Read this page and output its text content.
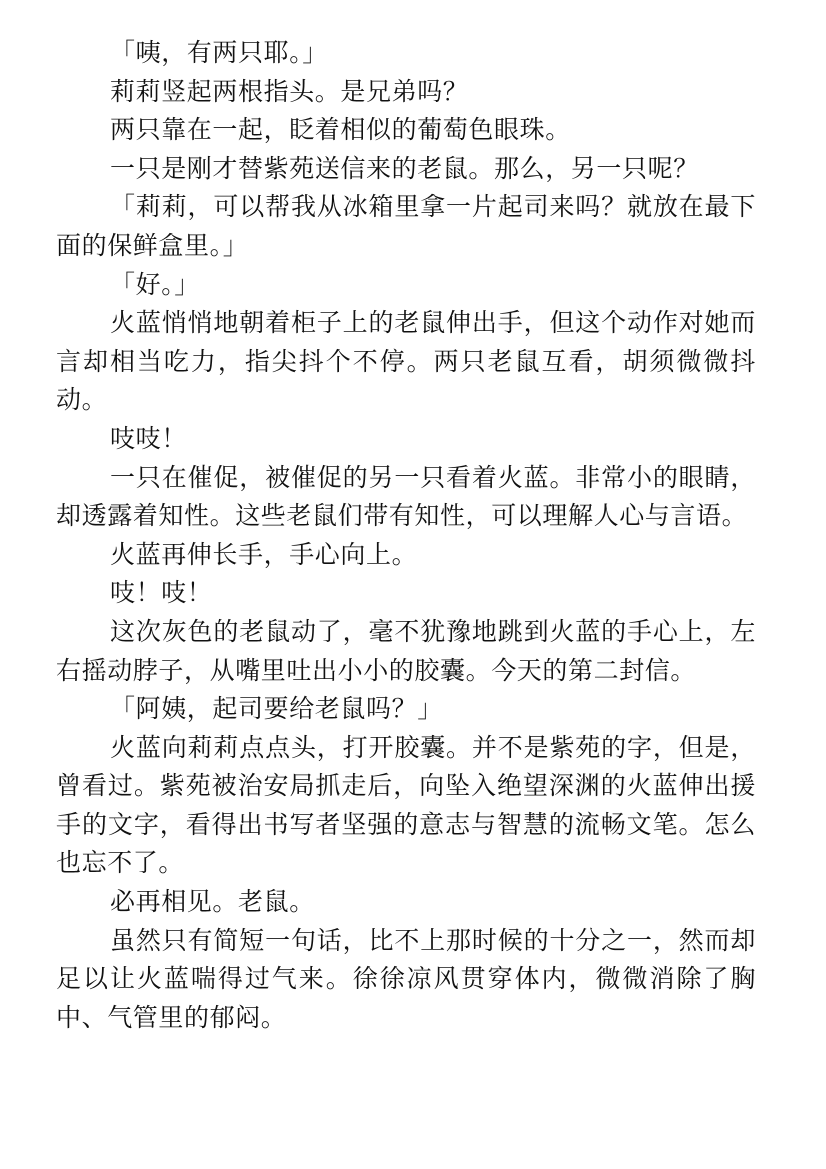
「咦，有两只耶。」

莉莉竖起两根指头。是兄弟吗？

两只靠在一起，眨着相似的葡萄色眼珠。

一只是刚才替紫苑送信来的老鼠。那么，另一只呢？

「莉莉，可以帮我从冰箱里拿一片起司来吗？就放在最下面的保鲜盒里。」

「好。」

火蓝悄悄地朝着柜子上的老鼠伸出手，但这个动作对她而言却相当吃力，指尖抖个不停。两只老鼠互看，胡须微微抖动。

吱吱！

一只在催促，被催促的另一只看着火蓝。非常小的眼睛，却透露着知性。这些老鼠们带有知性，可以理解人心与言语。

火蓝再伸长手，手心向上。

吱！吱！

这次灰色的老鼠动了，毫不犹豫地跳到火蓝的手心上，左右摇动脖子，从嘴里吐出小小的胶囊。今天的第二封信。

「阿姨，起司要给老鼠吗？」

火蓝向莉莉点点头，打开胶囊。并不是紫苑的字，但是，曾看过。紫苑被治安局抓走后，向坠入绝望深渊的火蓝伸出援手的文字，看得出书写者坚强的意志与智慧的流畅文笔。怎么也忘不了。

必再相见。老鼠。

虽然只有简短一句话，比不上那时候的十分之一，然而却足以让火蓝喘得过气来。徐徐凉风贯穿体内，微微消除了胸中、气管里的郁闷。
